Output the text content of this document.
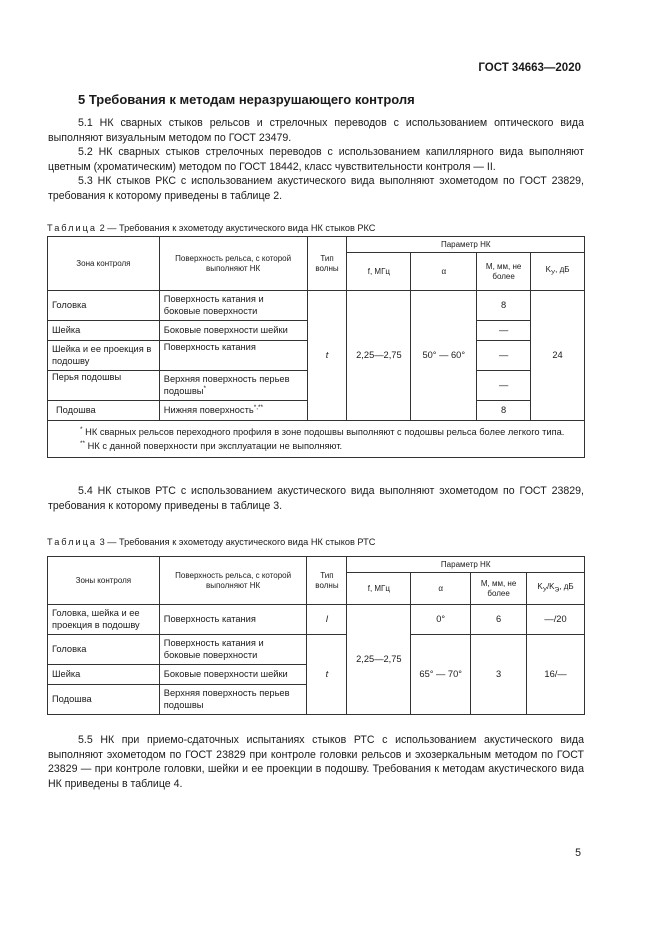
ГОСТ 34663—2020
5 Требования к методам неразрушающего контроля

5.1 НК сварных стыков рельсов и стрелочных переводов с использованием оптического вида выполняют визуальным методом по ГОСТ 23479.

5.2 НК сварных стыков стрелочных переводов с использованием капиллярного вида выполняют цветным (хроматическим) методом по ГОСТ 18442, класс чувствительности контроля — II.

5.3 НК стыков РКС с использованием акустического вида выполняют эхометодом по ГОСТ 23829, требования к которому приведены в таблице 2.

Таблица 2 — Требования к эхометоду акустического вида НК стыков РКС
Зона контроля	Поверхность рельса, с которой выполняют НК	Тип волны	Параметр НК			
			f, МГц	α	M, мм, не более	$K_У$, дБ
Головка	Поверхность катания и боковые поверхности	t	2,25—2,75	50° — 60°	8	24
Шейка	Боковые поверхности шейки				—	
Шейка и ее проекция в подошву	Поверхность катания				—	
Перья подошвы	Верхняя поверхность перьев подошвы*				—	
Подошва	Нижняя поверхность*,**				8	

* НК сварных рельсов переходного профиля в зоне подошвы выполняют с подошвы рельса более легкого типа.
** НК с данной поверхности при эксплуатации не выполняют.						

5.4 НК стыков РТС с использованием акустического вида выполняют эхометодом по ГОСТ 23829, требования к которому приведены в таблице 3.

Таблица 3 — Требования к эхометоду акустического вида НК стыков РТС
Зоны контроля	Поверхность рельса, с которой выполняют НК	Тип волны	Параметр НК			
			f, МГц	α	M, мм, не более	$K_У/K_Э$, дБ
Головка, шейка и ее проекция в подошву	Поверхность катания	l	2,25—2,75	0°	6	—/20
Головка	Поверхность катания и боковые поверхности	t		65° — 70°	3	16/—
Шейка	Боковые поверхности шейки					
Подошва	Верхняя поверхность перьев подошвы					

5.5 НК при приемо-сдаточных испытаниях стыков РТС с использованием акустического вида выполняют эхометодом по ГОСТ 23829 при контроле головки рельсов и эхозеркальным методом по ГОСТ 23829 — при контроле головки, шейки и ее проекции в подошву. Требования к методам акустического вида НК приведены в таблице 4.

5
